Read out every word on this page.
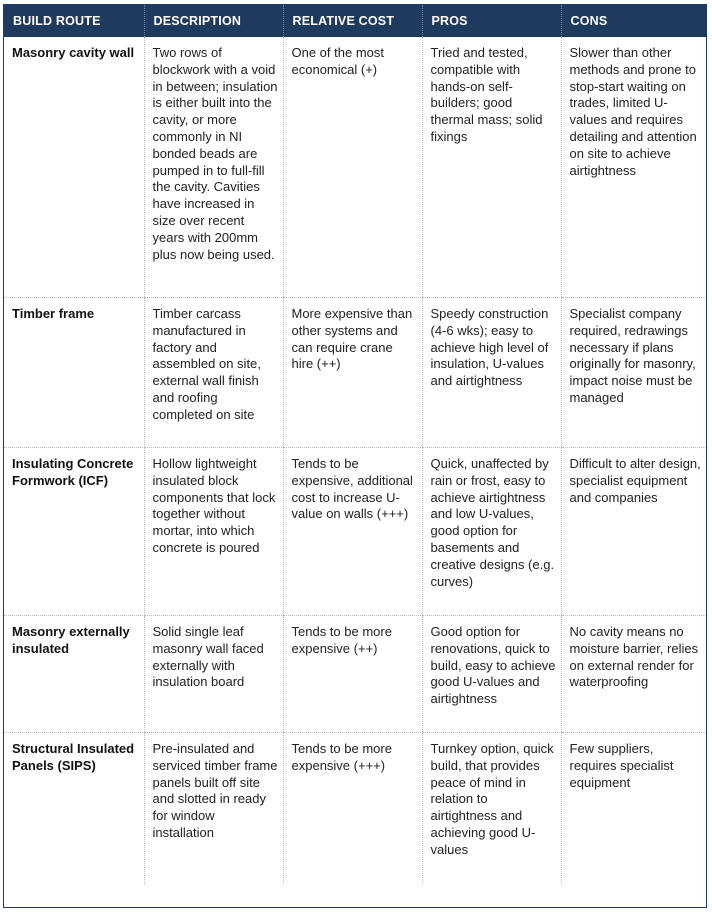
BUILD ROUTE	DESCRIPTION	RELATIVE COST	PROS	CONS
Masonry cavity wall	Two rows of blockwork with a void in between; insulation is either built into the cavity, or more commonly in NI bonded beads are pumped in to full-fill the cavity. Cavities have increased in size over recent years with 200mm plus now being used.	One of the most economical (+)	Tried and tested, compatible with hands-on self-builders; good thermal mass; solid fixings	Slower than other methods and prone to stop-start waiting on trades, limited U-values and requires detailing and attention on site to achieve airtightness
Timber frame	Timber carcass manufactured in factory and assembled on site, external wall finish and roofing completed on site	More expensive than other systems and can require crane hire (++)	Speedy construction (4-6 wks); easy to achieve high level of insulation, U-values and airtightness	Specialist company required, redrawings necessary if plans originally for masonry, impact noise must be managed
Insulating Concrete Formwork (ICF)	Hollow lightweight insulated block components that lock together without mortar, into which concrete is poured	Tends to be expensive, additional cost to increase U-value on walls (+++)	Quick, unaffected by rain or frost, easy to achieve airtightness and low U-values, good option for basements and creative designs (e.g. curves)	Difficult to alter design, specialist equipment and companies
Masonry externally insulated	Solid single leaf masonry wall faced externally with insulation board	Tends to be more expensive (++)	Good option for renovations, quick to build, easy to achieve good U-values and airtightness	No cavity means no moisture barrier, relies on external render for waterproofing
Structural Insulated Panels (SIPS)	Pre-insulated and serviced timber frame panels built off site and slotted in ready for window installation	Tends to be more expensive (+++)	Turnkey option, quick build, that provides peace of mind in relation to airtightness and achieving good U-values	Few suppliers, requires specialist equipment
